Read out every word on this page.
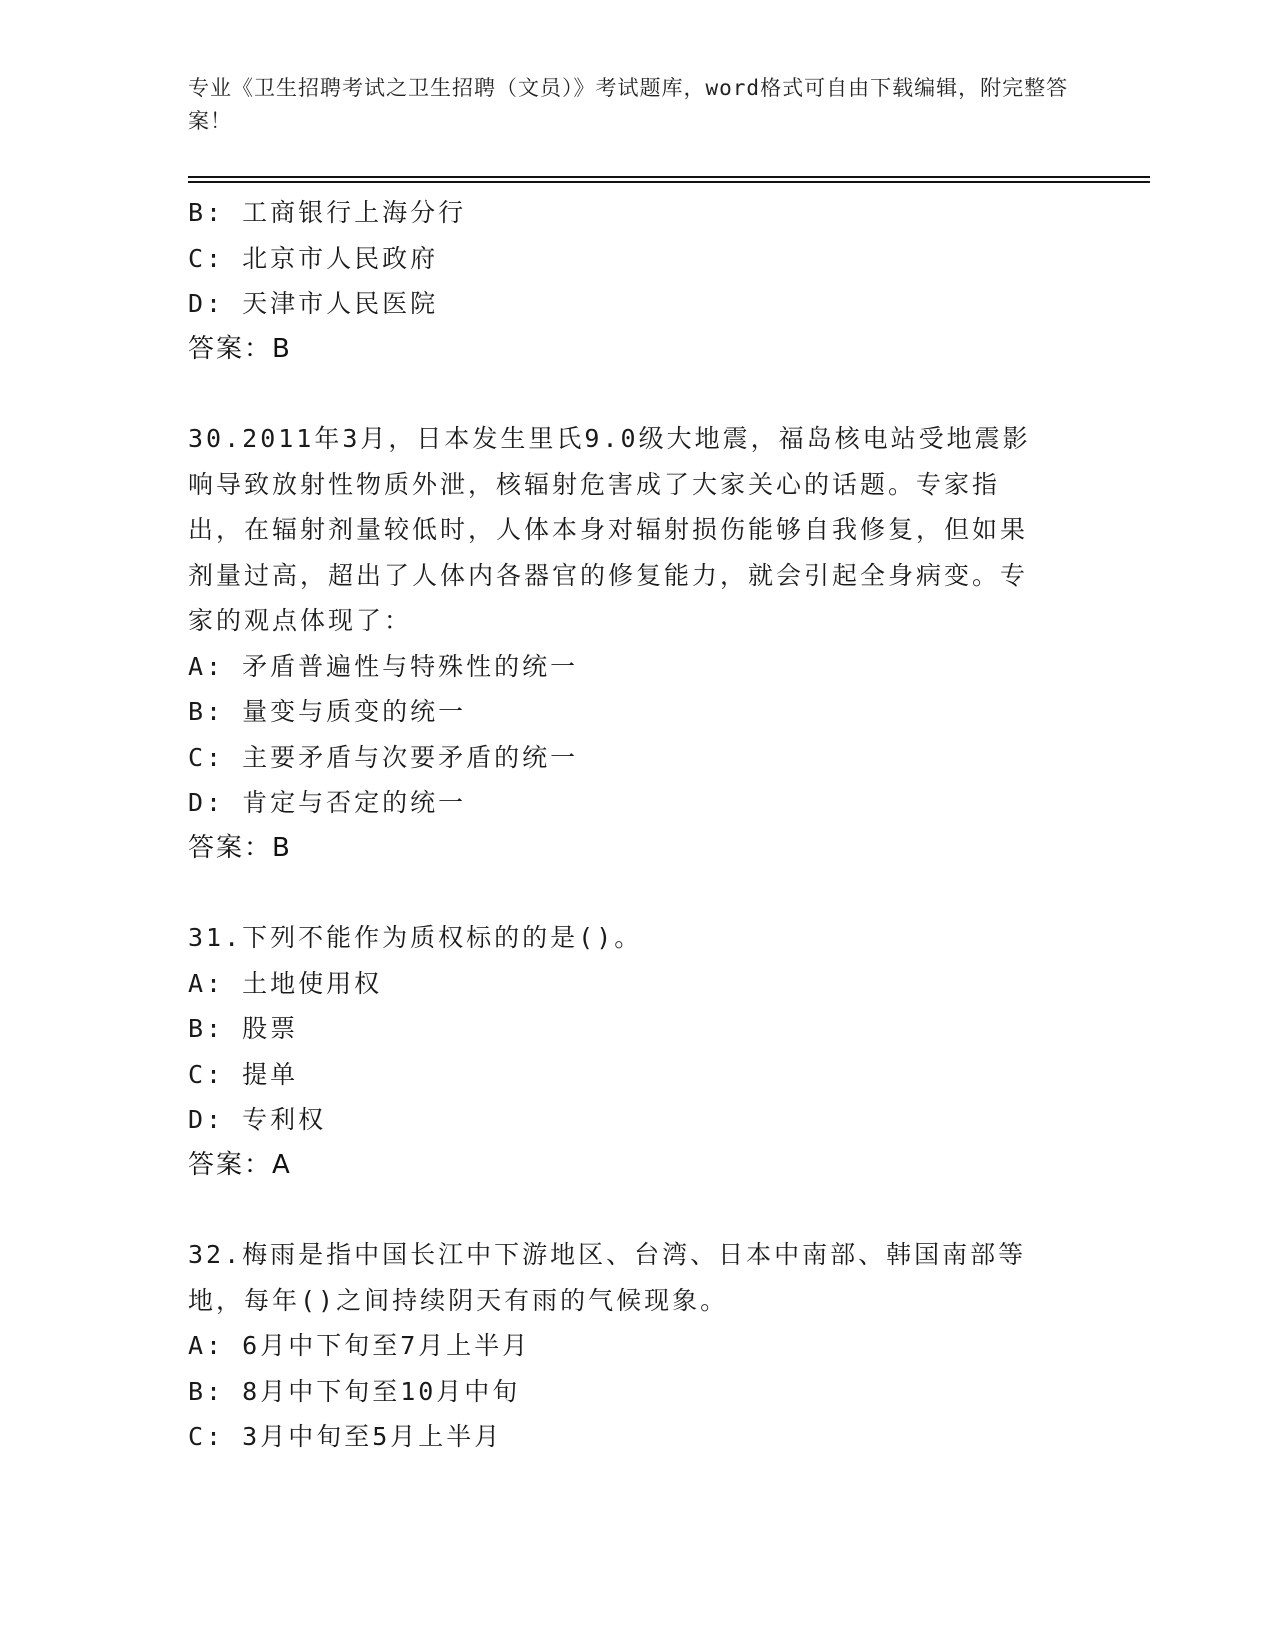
专业《卫生招聘考试之卫生招聘（文员）》考试题库，word格式可自由下载编辑，附完整答案！
B: 工商银行上海分行
C: 北京市人民政府
D: 天津市人民医院
答案：B
30.2011年3月，日本发生里氏9.0级大地震，福岛核电站受地震影响导致放射性物质外泄，核辐射危害成了大家关心的话题。专家指出，在辐射剂量较低时，人体本身对辐射损伤能够自我修复，但如果剂量过高，超出了人体内各器官的修复能力，就会引起全身病变。专家的观点体现了：
A: 矛盾普遍性与特殊性的统一
B: 量变与质变的统一
C: 主要矛盾与次要矛盾的统一
D: 肯定与否定的统一
答案：B
31.下列不能作为质权标的的是()。
A: 土地使用权
B: 股票
C: 提单
D: 专利权
答案：A
32.梅雨是指中国长江中下游地区、台湾、日本中南部、韩国南部等地，每年()之间持续阴天有雨的气候现象。
A: 6月中下旬至7月上半月
B: 8月中下旬至10月中旬
C: 3月中旬至5月上半月
